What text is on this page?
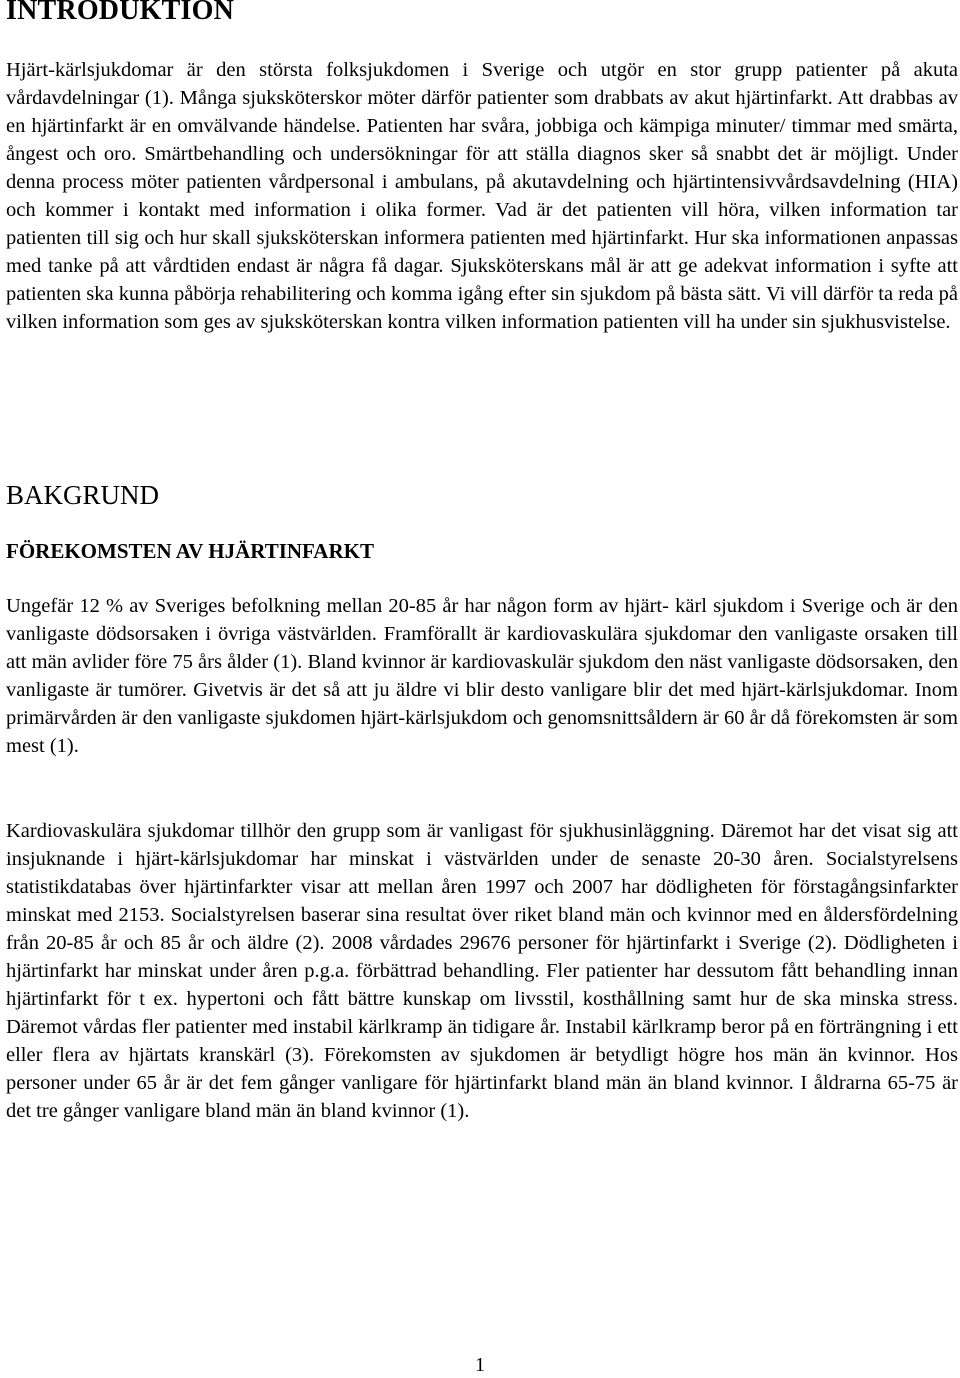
INTRODUKTION

Hjärt-kärlsjukdomar är den största folksjukdomen i Sverige och utgör en stor grupp patienter på akuta vårdavdelningar (1). Många sjuksköterskor möter därför patienter som drabbats av akut hjärtinfarkt. Att drabbas av en hjärtinfarkt är en omvälvande händelse. Patienten har svåra, jobbiga och kämpiga minuter/ timmar med smärta, ångest och oro. Smärtbehandling och undersökningar för att ställa diagnos sker så snabbt det är möjligt. Under denna process möter patienten vårdpersonal i ambulans, på akutavdelning och hjärtintensivvårdsavdelning (HIA) och kommer i kontakt med information i olika former. Vad är det patienten vill höra, vilken information tar patienten till sig och hur skall sjuksköterskan informera patienten med hjärtinfarkt. Hur ska informationen anpassas med tanke på att vårdtiden endast är några få dagar. Sjuksköterskans mål är att ge adekvat information i syfte att patienten ska kunna påbörja rehabilitering och komma igång efter sin sjukdom på bästa sätt. Vi vill därför ta reda på vilken information som ges av sjuksköterskan kontra vilken information patienten vill ha under sin sjukhusvistelse.

BAKGRUND
FÖREKOMSTEN AV HJÄRTINFARKT

Ungefär 12 % av Sveriges befolkning mellan 20-85 år har någon form av hjärt- kärl sjukdom i Sverige och är den vanligaste dödsorsaken i övriga västvärlden. Framförallt är kardiovaskulära sjukdomar den vanligaste orsaken till att män avlider före 75 års ålder (1). Bland kvinnor är kardiovaskulär sjukdom den näst vanligaste dödsorsaken, den vanligaste är tumörer. Givetvis är det så att ju äldre vi blir desto vanligare blir det med hjärt-kärlsjukdomar. Inom primärvården är den vanligaste sjukdomen hjärt-kärlsjukdom och genomsnittsåldern är 60 år då förekomsten är som mest (1).

Kardiovaskulära sjukdomar tillhör den grupp som är vanligast för sjukhusinläggning. Däremot har det visat sig att insjuknande i hjärt-kärlsjukdomar har minskat i västvärlden under de senaste 20-30 åren. Socialstyrelsens statistikdatabas över hjärtinfarkter visar att mellan åren 1997 och 2007 har dödligheten för förstagångsinfarkter minskat med 2153. Socialstyrelsen baserar sina resultat över riket bland män och kvinnor med en åldersfördelning från 20-85 år och 85 år och äldre (2). 2008 vårdades 29676 personer för hjärtinfarkt i Sverige (2). Dödligheten i hjärtinfarkt har minskat under åren p.g.a. förbättrad behandling. Fler patienter har dessutom fått behandling innan hjärtinfarkt för t ex. hypertoni och fått bättre kunskap om livsstil, kosthållning samt hur de ska minska stress. Däremot vårdas fler patienter med instabil kärlkramp än tidigare år. Instabil kärlkramp beror på en förträngning i ett eller flera av hjärtats kranskärl (3). Förekomsten av sjukdomen är betydligt högre hos män än kvinnor. Hos personer under 65 år är det fem gånger vanligare för hjärtinfarkt bland män än bland kvinnor. I åldrarna 65-75 är det tre gånger vanligare bland män än bland kvinnor (1).

1
